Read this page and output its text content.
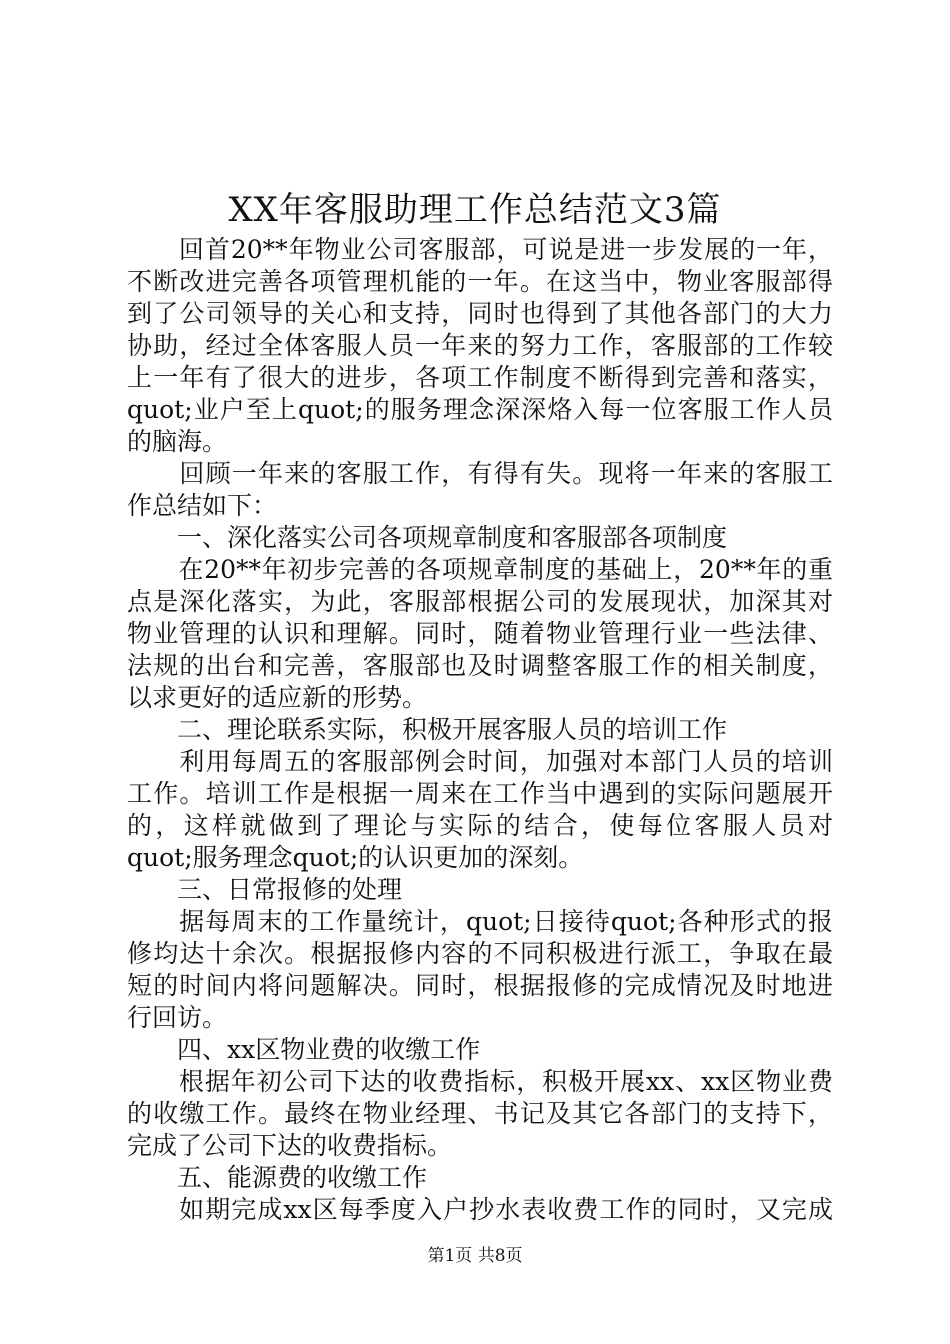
XX年客服助理工作总结范文3篇
　　回首20**年物业公司客服部，可说是进一步发展的一年，
不断改进完善各项管理机能的一年。在这当中，物业客服部得
到了公司领导的关心和支持，同时也得到了其他各部门的大力
协助，经过全体客服人员一年来的努力工作，客服部的工作较
上一年有了很大的进步，各项工作制度不断得到完善和落实，
quot;业户至上quot;的服务理念深深烙入每一位客服工作人员
的脑海。
　　回顾一年来的客服工作，有得有失。现将一年来的客服工
作总结如下：
　　一、深化落实公司各项规章制度和客服部各项制度
　　在20**年初步完善的各项规章制度的基础上，20**年的重
点是深化落实，为此，客服部根据公司的发展现状，加深其对
物业管理的认识和理解。同时，随着物业管理行业一些法律、
法规的出台和完善，客服部也及时调整客服工作的相关制度，
以求更好的适应新的形势。
　　二、理论联系实际，积极开展客服人员的培训工作
　　利用每周五的客服部例会时间，加强对本部门人员的培训
工作。培训工作是根据一周来在工作当中遇到的实际问题展开
的，这样就做到了理论与实际的结合，使每位客服人员对
quot;服务理念quot;的认识更加的深刻。
　　三、日常报修的处理
　　据每周末的工作量统计，quot;日接待quot;各种形式的报
修均达十余次。根据报修内容的不同积极进行派工，争取在最
短的时间内将问题解决。同时，根据报修的完成情况及时地进
行回访。
　　四、xx区物业费的收缴工作
　　根据年初公司下达的收费指标，积极开展xx、xx区物业费
的收缴工作。最终在物业经理、书记及其它各部门的支持下，
完成了公司下达的收费指标。
　　五、能源费的收缴工作
　　如期完成xx区每季度入户抄水表收费工作的同时，又完成
第1页 共8页
